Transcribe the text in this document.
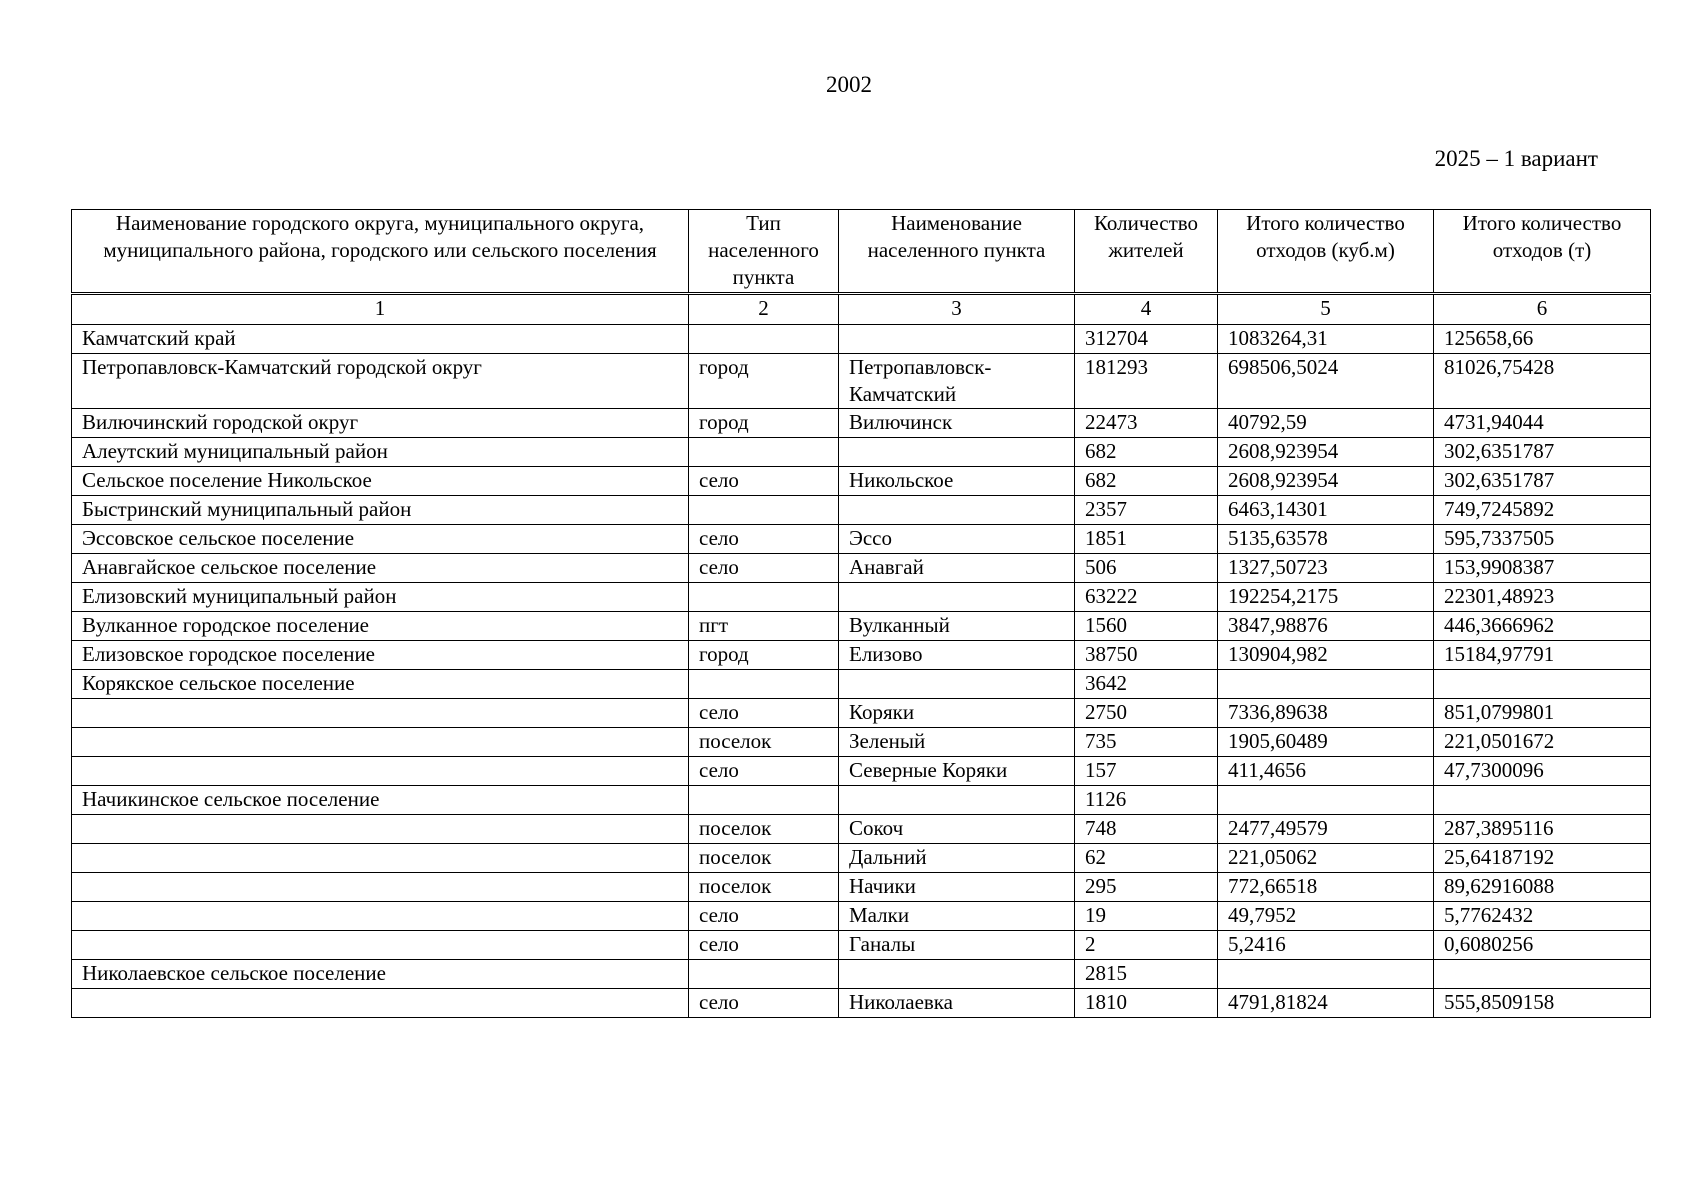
2002
2025 – 1 вариант
Наименование городского округа, муниципального округа, муниципального района, городского или сельского поселения	Тип населенного пункта	Наименование населенного пункта	Количество жителей	Итого количество отходов (куб.м)	Итого количество отходов (т)
1	2	3	4	5	6
Камчатский край			312704	1083264,31	125658,66
Петропавловск-Камчатский городской округ	город	Петропавловск-Камчатский	181293	698506,5024	81026,75428
Вилючинский городской округ	город	Вилючинск	22473	40792,59	4731,94044
Алеутский муниципальный район			682	2608,923954	302,6351787
Сельское поселение Никольское	село	Никольское	682	2608,923954	302,6351787
Быстринский муниципальный район			2357	6463,14301	749,7245892
Эссовское сельское поселение	село	Эссо	1851	5135,63578	595,7337505
Анавгайское сельское поселение	село	Анавгай	506	1327,50723	153,9908387
Елизовский муниципальный район			63222	192254,2175	22301,48923
Вулканное городское поселение	пгт	Вулканный	1560	3847,98876	446,3666962
Елизовское городское поселение	город	Елизово	38750	130904,982	15184,97791
Корякское сельское поселение			3642		
	село	Коряки	2750	7336,89638	851,0799801
	поселок	Зеленый	735	1905,60489	221,0501672
	село	Северные Коряки	157	411,4656	47,7300096
Начикинское сельское поселение			1126		
	поселок	Сокоч	748	2477,49579	287,3895116
	поселок	Дальний	62	221,05062	25,64187192
	поселок	Начики	295	772,66518	89,62916088
	село	Малки	19	49,7952	5,7762432
	село	Ганалы	2	5,2416	0,6080256
Николаевское сельское поселение			2815		
	село	Николаевка	1810	4791,81824	555,8509158
